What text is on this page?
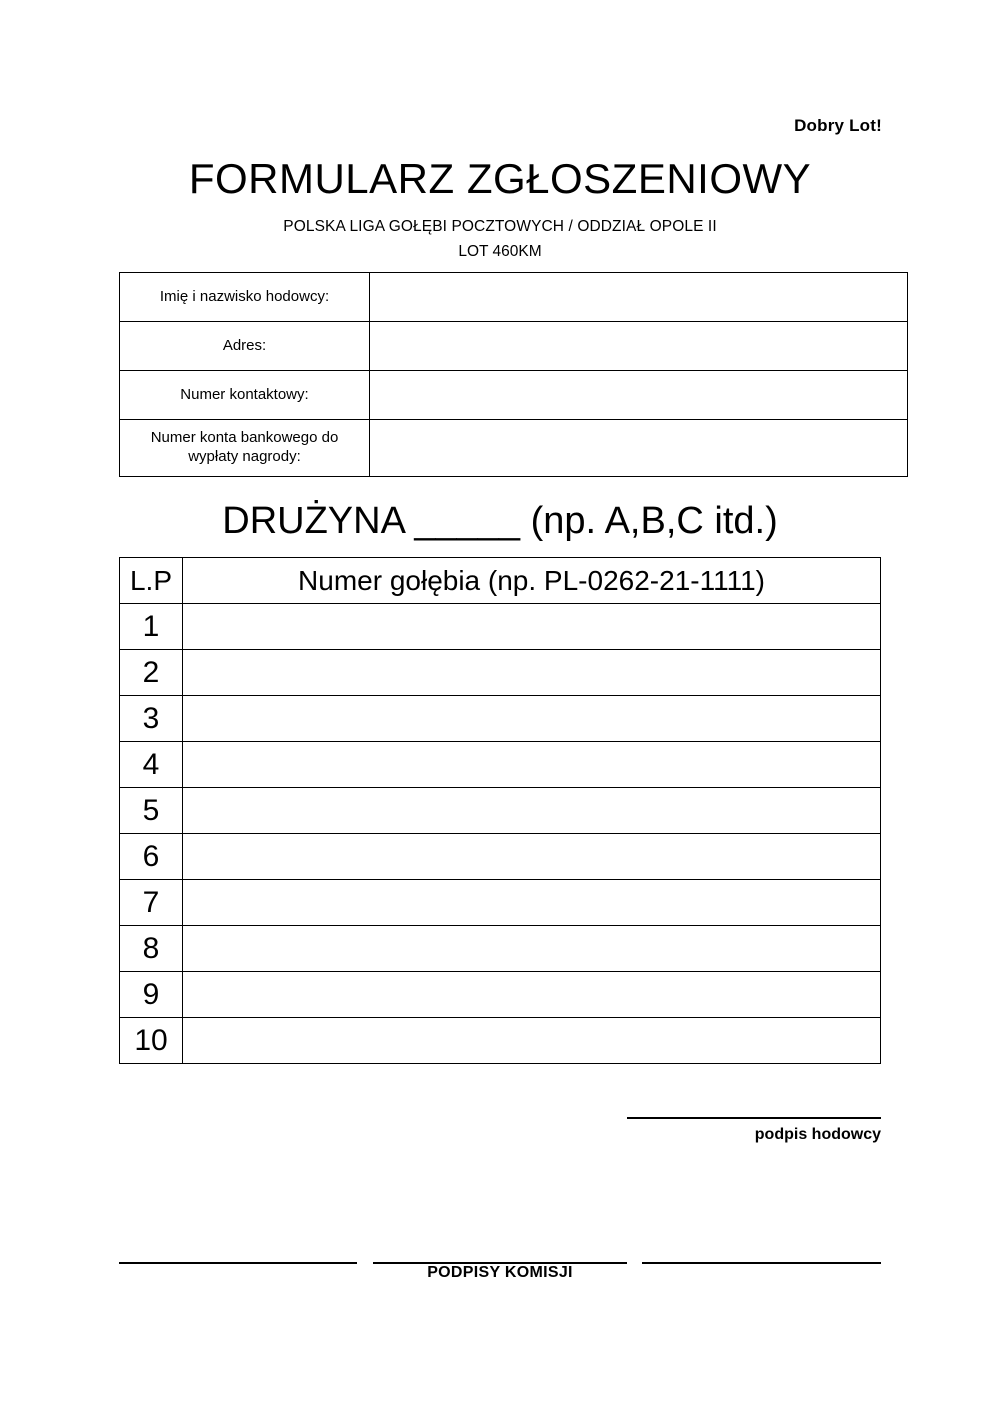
Dobry Lot!
FORMULARZ ZGŁOSZENIOWY
POLSKA LIGA GOŁĘBI POCZTOWYCH / ODDZIAŁ OPOLE II
LOT 460KM
Imię i nazwisko hodowcy:	
Adres:	
Numer kontaktowy:	
Numer konta bankowego do wypłaty nagrody:	
DRUŻYNA _____ (np. A,B,C itd.)
L.P	Numer gołębia (np. PL-0262-21-1111)
1	
2	
3	
4	
5	
6	
7	
8	
9	
10	
podpis hodowcy
PODPISY KOMISJI
